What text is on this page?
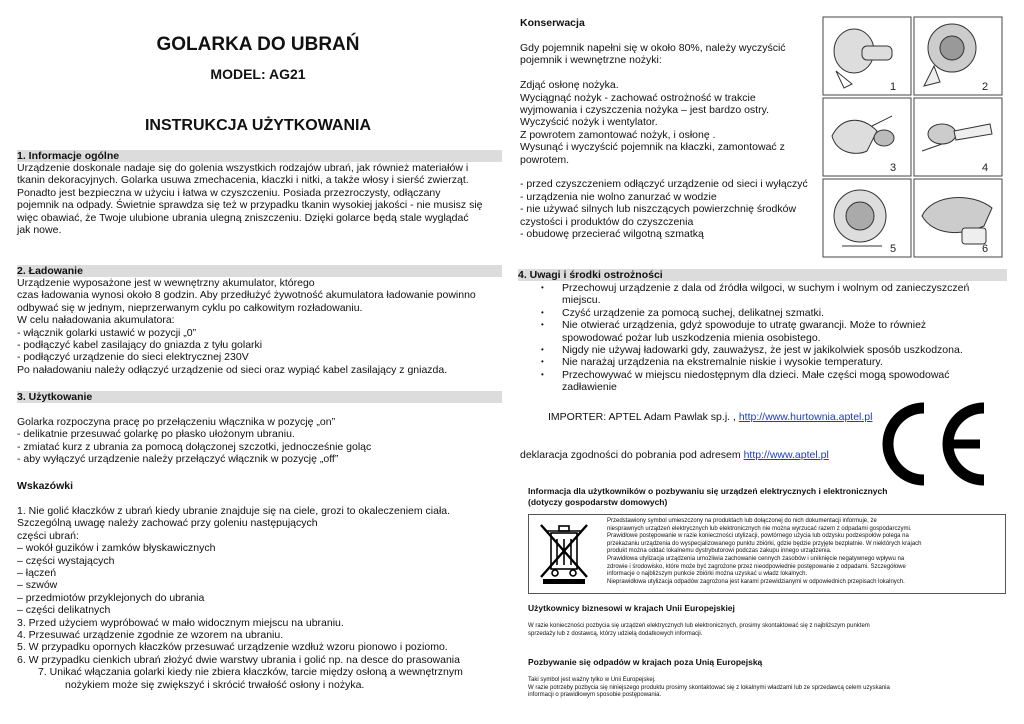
GOLARKA DO UBRAŃ
MODEL: AG21
INSTRUKCJA UŻYTKOWANIA
1. Informacje ogólne
Urządzenie doskonale nadaje się do golenia wszystkich rodzajów ubrań, jak również materiałów i
tkanin dekoracyjnych. Golarka usuwa zmechacenia, kłaczki i nitki, a także włosy i sierść zwierząt.
Ponadto jest bezpieczna w użyciu i łatwa w czyszczeniu. Posiada przezroczysty, odłączany
pojemnik na odpady. Świetnie sprawdza się też w przypadku tkanin wysokiej jakości - nie musisz się
więc obawiać, że Twoje ulubione ubrania ulegną zniszczeniu. Dzięki golarce będą stale wyglądać
jak nowe.
2. Ładowanie
Urządzenie wyposażone jest w wewnętrzny akumulator, którego
czas ładowania wynosi około 8 godzin. Aby przedłużyć żywotność akumulatora ładowanie powinno
odbywać się w jednym, nieprzerwanym cyklu po całkowitym rozładowaniu.
W celu naładowania akumulatora:
- włącznik golarki ustawić w pozycji „0”
- podłączyć kabel zasilający do gniazda z tyłu golarki
- podłączyć urządzenie do sieci elektrycznej 230V
Po naładowaniu należy odłączyć urządzenie od sieci oraz wypiąć kabel zasilający z gniazda.
3. Użytkowanie
Golarka rozpoczyna pracę po przełączeniu włącznika w pozycję „on”
- delikatnie przesuwać golarkę po płasko ułożonym ubraniu.
- zmiatać kurz z ubrania za pomocą dołączonej szczotki, jednocześnie goląc
- aby wyłączyć urządzenie należy przełączyć włącznik w pozycję „off”
Wskazówki
1. Nie golić kłaczków z ubrań kiedy ubranie znajduje się na ciele, grozi to okaleczeniem ciała.
Szczególną uwagę należy zachować przy goleniu następujących
części ubrań:
– wokół guzików i zamków błyskawicznych
– części wystających
– łączeń
– szwów
– przedmiotów przyklejonych do ubrania
– części delikatnych
3. Przed użyciem wypróbować w mało widocznym miejscu na ubraniu.
4. Przesuwać urządzenie zgodnie ze wzorem na ubraniu.
5. W przypadku opornych kłaczków przesuwać urządzenie wzdłuż wzoru pionowo i poziomo.
6. W przypadku cienkich ubrań złożyć dwie warstwy ubrania i golić np. na desce do prasowania
7. Unikać włączania golarki kiedy nie zbiera kłaczków, tarcie między osłoną a wewnętrznym
nożykiem może się zwiększyć i skrócić trwałość osłony i nożyka.
Konserwacja
Gdy pojemnik napełni się w około 80%, należy wyczyścić
pojemnik i wewnętrzne nożyki:
Zdjąć osłonę nożyka.
Wyciągnąć nożyk - zachować ostrożność w trakcie
wyjmowania i czyszczenia nożyka – jest bardzo ostry.
Wyczyścić nożyk i wentylator.
Z powrotem zamontować nożyk, i osłonę .
Wysunąć i wyczyścić pojemnik na kłaczki, zamontować z
powrotem.
- przed czyszczeniem odłączyć urządzenie od sieci i wyłączyć
- urządzenia nie wolno zanurzać w wodzie
- nie używać silnych lub niszczących powierzchnię środków
czystości i produktów do czyszczenia
- obudowę przecierać wilgotną szmatką
1	2
3	4
5	6
4. Uwagi i środki ostrożności
• Przechowuj urządzenie z dala od źródła wilgoci, w suchym i wolnym od zanieczyszczeń
miejscu.
• Czyść urządzenie za pomocą suchej, delikatnej szmatki.
• Nie otwierać urządzenia, gdyż spowoduje to utratę gwarancji. Może to również
spowodować pożar lub uszkodzenia mienia osobistego.
• Nigdy nie używaj ładowarki gdy, zauważysz, że jest w jakikolwiek sposób uszkodzona.
• Nie narażaj urządzenia na ekstremalnie niskie i wysokie temperatury.
• Przechowywać w miejscu niedostępnym dla dzieci. Małe części mogą spowodować
zadławienie
IMPORTER: APTEL Adam Pawlak sp.j. , http://www.hurtownia.aptel.pl
deklaracja zgodności do pobrania pod adresem http://www.aptel.pl
Informacja dla użytkowników o pozbywaniu się urządzeń elektrycznych i elektronicznych
(dotyczy gospodarstw domowych)
Przedstawiony symbol umieszczony na produktach lub dołączonej do nich dokumentacji informuje, że
niesprawnych urządzeń elektrycznych lub elektronicznych nie można wyrzucać razem z odpadami gospodarczymi.
Prawidłowe postępowanie w razie konieczności utylizacji, powtórnego użycia lub odzysku podzespołów polega na
przekazaniu urządzenia do wyspecjalizowanego punktu zbiórki, gdzie będzie przyjęte bezpłatnie. W niektórych krajach
produkt można oddać lokalnemu dystrybutorowi podczas zakupu innego urządzenia.
Prawidłowa utylizacja urządzenia umożliwia zachowanie cennych zasobów i uniknięcie negatywnego wpływu na
zdrowie i środowisko, które może być zagrożone przez nieodpowiednie postępowanie z odpadami. Szczegółowe
informacje o najbliższym punkcie zbiórki można uzyskać u władz lokalnych.
Nieprawidłowa utylizacja odpadów zagrożona jest karami przewidzianymi w odpowiednich przepisach lokalnych.
Użytkownicy biznesowi w krajach Unii Europejskiej
W razie konieczności pozbycia się urządzeń elektrycznych lub elektronicznych, prosimy skontaktować się z najbliższym punktem
sprzedaży lub z dostawcą, którzy udzielą dodatkowych informacji.
Pozbywanie się odpadów w krajach poza Unią Europejską
Taki symbol jest ważny tylko w Unii Europejskej.
W razie potrzeby pozbycia się niniejszego produktu prosimy skontaktować się z lokalnymi władzami lub ze sprzedawcą celem uzyskania
informacji o prawidłowym sposobie postępowania.
